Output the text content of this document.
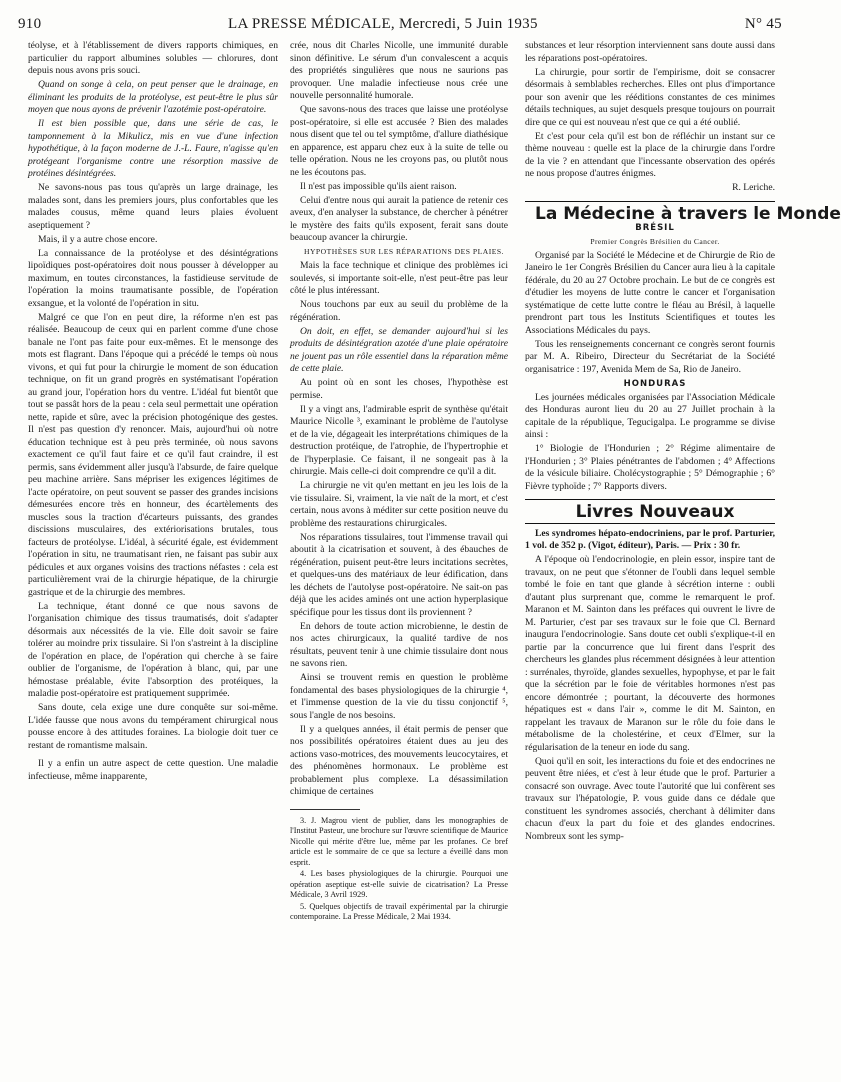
910	LA PRESSE MÉDICALE, Mercredi, 5 Juin 1935	N° 45

téolyse, et à l'établissement de divers rapports chimiques, en particulier du rapport albumines solubles — chlorures, dont depuis nous avons pris souci.

Quand on songe à cela, on peut penser que le drainage, en éliminant les produits de la protéolyse, est peut-être le plus sûr moyen que nous ayons de prévenir l'azotémie post-opératoire.

Il est bien possible que, dans une série de cas, le tamponnement à la Mikulicz, mis en vue d'une infection hypothétique, à la façon moderne de J.-L. Faure, n'agisse qu'en protégeant l'organisme contre une résorption massive de protéines désintégrées.

Ne savons-nous pas tous qu'après un large drainage, les malades sont, dans les premiers jours, plus confortables que les malades cousus, même quand leurs plaies évoluent aseptiquement ?

Mais, il y a autre chose encore.

La connaissance de la protéolyse et des désintégrations lipoïdiques post-opératoires doit nous pousser à développer au maximum, en toutes circonstances, la fastidieuse servitude de l'opération la moins traumatisante possible, de l'opération exsangue, et la volonté de l'opération in situ.

Malgré ce que l'on en peut dire, la réforme n'en est pas réalisée. Beaucoup de ceux qui en parlent comme d'une chose banale ne l'ont pas faite pour eux-mêmes. Et le mensonge des mots est flagrant. Dans l'époque qui a précédé le temps où nous vivons, et qui fut pour la chirurgie le moment de son éducation technique, on fit un grand progrès en systématisant l'opération au grand jour, l'opération hors du ventre. L'idéal fut bientôt que tout se passât hors de la peau : cela seul permettait une opération nette, rapide et sûre, avec la précision photogénique des gestes. Il n'est pas question d'y renoncer. Mais, aujourd'hui où notre éducation technique est à peu près terminée, où nous savons exactement ce qu'il faut faire et ce qu'il faut craindre, il est permis, sans évidemment aller jusqu'à l'absurde, de faire quelque peu machine arrière. Sans mépriser les exigences légitimes de l'acte opératoire, on peut souvent se passer des grandes incisions démesurées encore très en honneur, des écartèlements des muscles sous la traction d'écarteurs puissants, des grandes discissions musculaires, des extériorisations brutales, tous facteurs de protéolyse. L'idéal, à sécurité égale, est évidemment l'opération in situ, ne traumatisant rien, ne faisant pas subir aux pédicules et aux organes voisins des tractions néfastes : cela est particulièrement vrai de la chirurgie hépatique, de la chirurgie gastrique et de la chirurgie des membres.

La technique, étant donné ce que nous savons de l'organisation chimique des tissus traumatisés, doit s'adapter désormais aux nécessités de la vie. Elle doit savoir se faire tolérer au moindre prix tissulaire. Si l'on s'astreint à la discipline de l'opération en place, de l'opération qui cherche à se faire oublier de l'organisme, de l'opération à blanc, qui, par une hémostase préalable, évite l'absorption des protéiques, la maladie post-opératoire est pratiquement supprimée.

Sans doute, cela exige une dure conquête sur soi-même. L'idée fausse que nous avons du tempérament chirurgical nous pousse encore à des attitudes foraines. La biologie doit tuer ce restant de romantisme malsain.

Il y a enfin un autre aspect de cette question. Une maladie infectieuse, même inapparente,

crée, nous dit Charles Nicolle, une immunité durable sinon définitive. Le sérum d'un convalescent a acquis des propriétés singulières que nous ne saurions pas provoquer. Une maladie infectieuse nous crée une nouvelle personnalité humorale.

Que savons-nous des traces que laisse une protéolyse post-opératoire, si elle est accusée ? Bien des malades nous disent que tel ou tel symptôme, d'allure diathésique en apparence, est apparu chez eux à la suite de telle ou telle opération. Nous ne les croyons pas, ou plutôt nous ne les écoutons pas.

Il n'est pas impossible qu'ils aient raison.

Celui d'entre nous qui aurait la patience de retenir ces aveux, d'en analyser la substance, de chercher à pénétrer le mystère des faits qu'ils exposent, ferait sans doute beaucoup avancer la chirurgie.

HYPOTHÈSES SUR LES RÉPARATIONS DES PLAIES.

Mais la face technique et clinique des problèmes ici soulevés, si importante soit-elle, n'est peut-être pas leur côté le plus intéressant.

Nous touchons par eux au seuil du problème de la régénération.

On doit, en effet, se demander aujourd'hui si les produits de désintégration azotée d'une plaie opératoire ne jouent pas un rôle essentiel dans la réparation même de cette plaie.

Au point où en sont les choses, l'hypothèse est permise.

Il y a vingt ans, l'admirable esprit de synthèse qu'était Maurice Nicolle ³, examinant le problème de l'autolyse et de la vie, dégageait les interprétations chimiques de la destruction protéique, de l'atrophie, de l'hypertrophie et de l'hyperplasie. Ce faisant, il ne songeait pas à la chirurgie. Mais celle-ci doit comprendre ce qu'il a dit.

La chirurgie ne vit qu'en mettant en jeu les lois de la vie tissulaire. Si, vraiment, la vie naît de la mort, et c'est certain, nous avons à méditer sur cette position neuve du problème des restaurations chirurgicales.

Nos réparations tissulaires, tout l'immense travail qui aboutit à la cicatrisation et souvent, à des ébauches de régénération, puisent peut-être leurs incitations secrètes, et quelques-uns des matériaux de leur édification, dans les déchets de l'autolyse post-opératoire. Ne sait-on pas déjà que les acides aminés ont une action hyperplasique spécifique pour les tissus dont ils proviennent ?

En dehors de toute action microbienne, le destin de nos actes chirurgicaux, la qualité tardive de nos résultats, peuvent tenir à une chimie tissulaire dont nous ne savons rien.

Ainsi se trouvent remis en question le problème fondamental des bases physiologiques de la chirurgie ⁴, et l'immense question de la vie du tissu conjonctif ⁵, sous l'angle de nos besoins.

Il y a quelques années, il était permis de penser que nos possibilités opératoires étaient dues au jeu des actions vaso-motrices, des mouvements leucocytaires, et des phénomènes hormonaux. Le problème est probablement plus complexe. La désassimilation chimique de certaines

3. J. Magrou vient de publier, dans les monographies de l'Institut Pasteur, une brochure sur l'œuvre scientifique de Maurice Nicolle qui mérite d'être lue, même par les profanes. Ce bref article est le sommaire de ce que sa lecture a éveillé dans mon esprit.

4. Les bases physiologiques de la chirurgie. Pourquoi une opération aseptique est-elle suivie de cicatrisation? La Presse Médicale, 3 Avril 1929.

5. Quelques objectifs de travail expérimental par la chirurgie contemporaine. La Presse Médicale, 2 Mai 1934.

substances et leur résorption interviennent sans doute aussi dans les réparations post-opératoires.

La chirurgie, pour sortir de l'empirisme, doit se consacrer désormais à semblables recherches. Elles ont plus d'importance pour son avenir que les rééditions constantes de ces minimes détails techniques, au sujet desquels presque toujours on pourrait dire que ce qui est nouveau n'est que ce qui a été oublié.

Et c'est pour cela qu'il est bon de réfléchir un instant sur ce thème nouveau : quelle est la place de la chirurgie dans l'ordre de la vie ? en attendant que l'incessante observation des opérés ne nous propose d'autres énigmes.

R. Leriche.

La Médecine à travers le Monde

BRÉSIL

Premier Congrès Brésilien du Cancer.

Organisé par la Société le Médecine et de Chirurgie de Rio de Janeiro le 1er Congrès Brésilien du Cancer aura lieu à la capitale fédérale, du 20 au 27 Octobre prochain. Le but de ce congrès est d'étudier les moyens de lutte contre le cancer et l'organisation systématique de cette lutte contre le fléau au Brésil, à laquelle prendront part tous les Instituts Scientifiques et toutes les Associations Médicales du pays.

Tous les renseignements concernant ce congrès seront fournis par M. A. Ribeiro, Directeur du Secrétariat de la Société organisatrice : 197, Avenida Mem de Sa, Rio de Janeiro.

HONDURAS

Les journées médicales organisées par l'Association Médicale des Honduras auront lieu du 20 au 27 Juillet prochain à la capitale de la république, Tegucigalpa. Le programme se divise ainsi :

1° Biologie de l'Hondurien ; 2° Régime alimentaire de l'Hondurien ; 3° Plaies pénétrantes de l'abdomen ; 4° Affections de la vésicule biliaire. Cholécystographie ; 5° Démographie ; 6° Fièvre typhoïde ; 7° Rapports divers.

Livres Nouveaux

Les syndromes hépato-endocriniens, par le prof. Parturier, 1 vol. de 352 p. (Vigot, éditeur), Paris. — Prix : 30 fr.

A l'époque où l'endocrinologie, en plein essor, inspire tant de travaux, on ne peut que s'étonner de l'oubli dans lequel semble tombé le foie en tant que glande à sécrétion interne : oubli d'autant plus surprenant que, comme le remarquent le prof. Maranon et M. Sainton dans les préfaces qui ouvrent le livre de M. Parturier, c'est par ses travaux sur le foie que Cl. Bernard inaugura l'endocrinologie. Sans doute cet oubli s'explique-t-il en partie par la concurrence que lui firent dans l'esprit des chercheurs les glandes plus récemment désignées à leur attention : surrénales, thyroïde, glandes sexuelles, hypophyse, et par le fait que la sécrétion par le foie de véritables hormones n'est pas encore démontrée ; pourtant, la découverte des hormones hépatiques est « dans l'air », comme le dit M. Sainton, en rappelant les travaux de Maranon sur le rôle du foie dans le métabolisme de la cholestérine, et ceux d'Elmer, sur la régularisation de la teneur en iode du sang.

Quoi qu'il en soit, les interactions du foie et des endocrines ne peuvent être niées, et c'est à leur étude que le prof. Parturier a consacré son ouvrage. Avec toute l'autorité que lui confèrent ses travaux sur l'hépatologie, P. vous guide dans ce dédale que constituent les syndromes associés, cherchant à délimiter dans chacun d'eux la part du foie et des glandes endocrines. Nombreux sont les symp-
